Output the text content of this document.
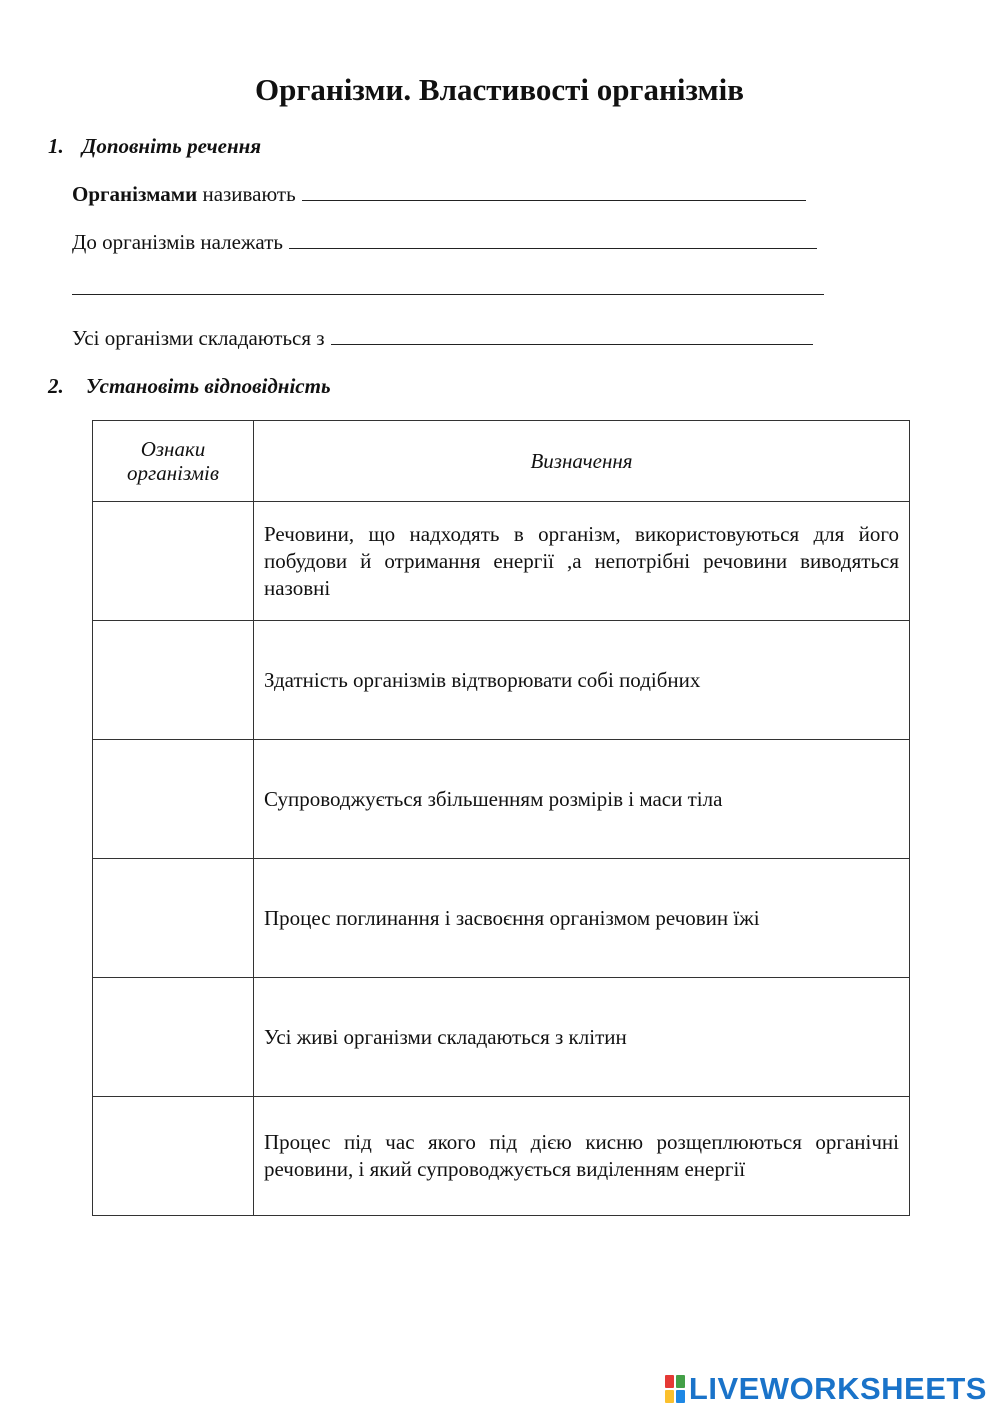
Організми. Властивості організмів
1. Доповніть речення
Організмами
називають
До організмів належать
Усі організми складаються з
2. Установіть відповідність
Ознаки організмів	Визначення
	Речовини, що надходять в організм, використовуються для його побудови й отримання енергії ,а непотрібні речовини виводяться назовні
	Здатність організмів відтворювати собі подібних
	Супроводжується збільшенням розмірів і маси тіла
	Процес поглинання і засвоєння організмом речовин їжі
	Усі живі організми складаються з клітин
	Процес під час якого під дією кисню розщеплюються органічні речовини, і який супроводжується виділенням енергії
LIVEWORKSHEETS
